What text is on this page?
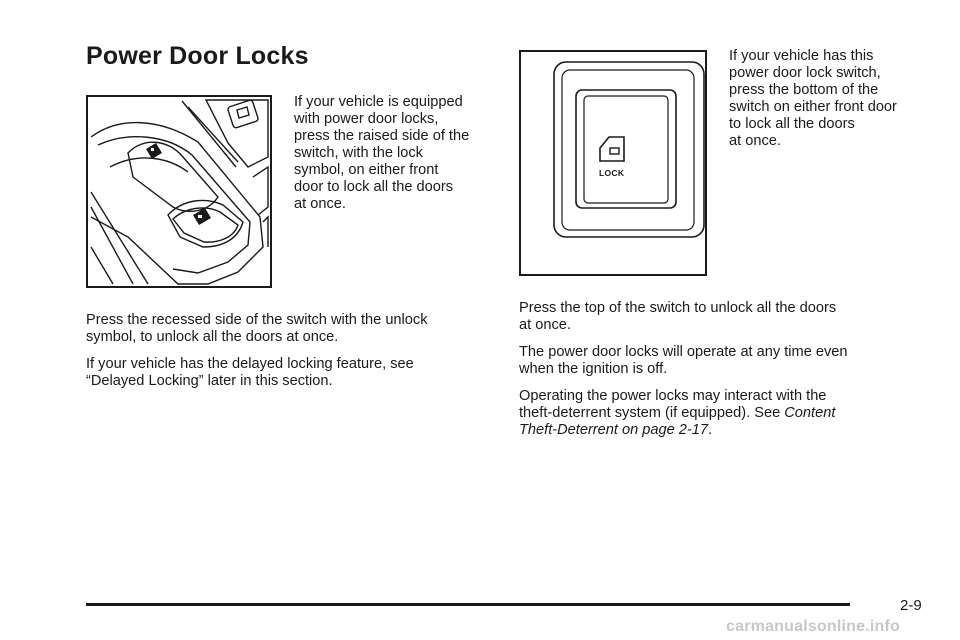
Power Door Locks
If your vehicle is equipped
with power door locks,
press the raised side of the
switch, with the lock
symbol, on either front
door to lock all the doors
at once.
Press the recessed side of the switch with the unlock
symbol, to unlock all the doors at once.
If your vehicle has the delayed locking feature, see
“Delayed Locking” later in this section.
LOCK
If your vehicle has this
power door lock switch,
press the bottom of the
switch on either front door
to lock all the doors
at once.
Press the top of the switch to unlock all the doors
at once.
The power door locks will operate at any time even
when the ignition is off.
Operating the power locks may interact with the
theft-deterrent system (if equipped). See Content
Theft-Deterrent on page 2-17.
2-9
carmanualsonline.info
